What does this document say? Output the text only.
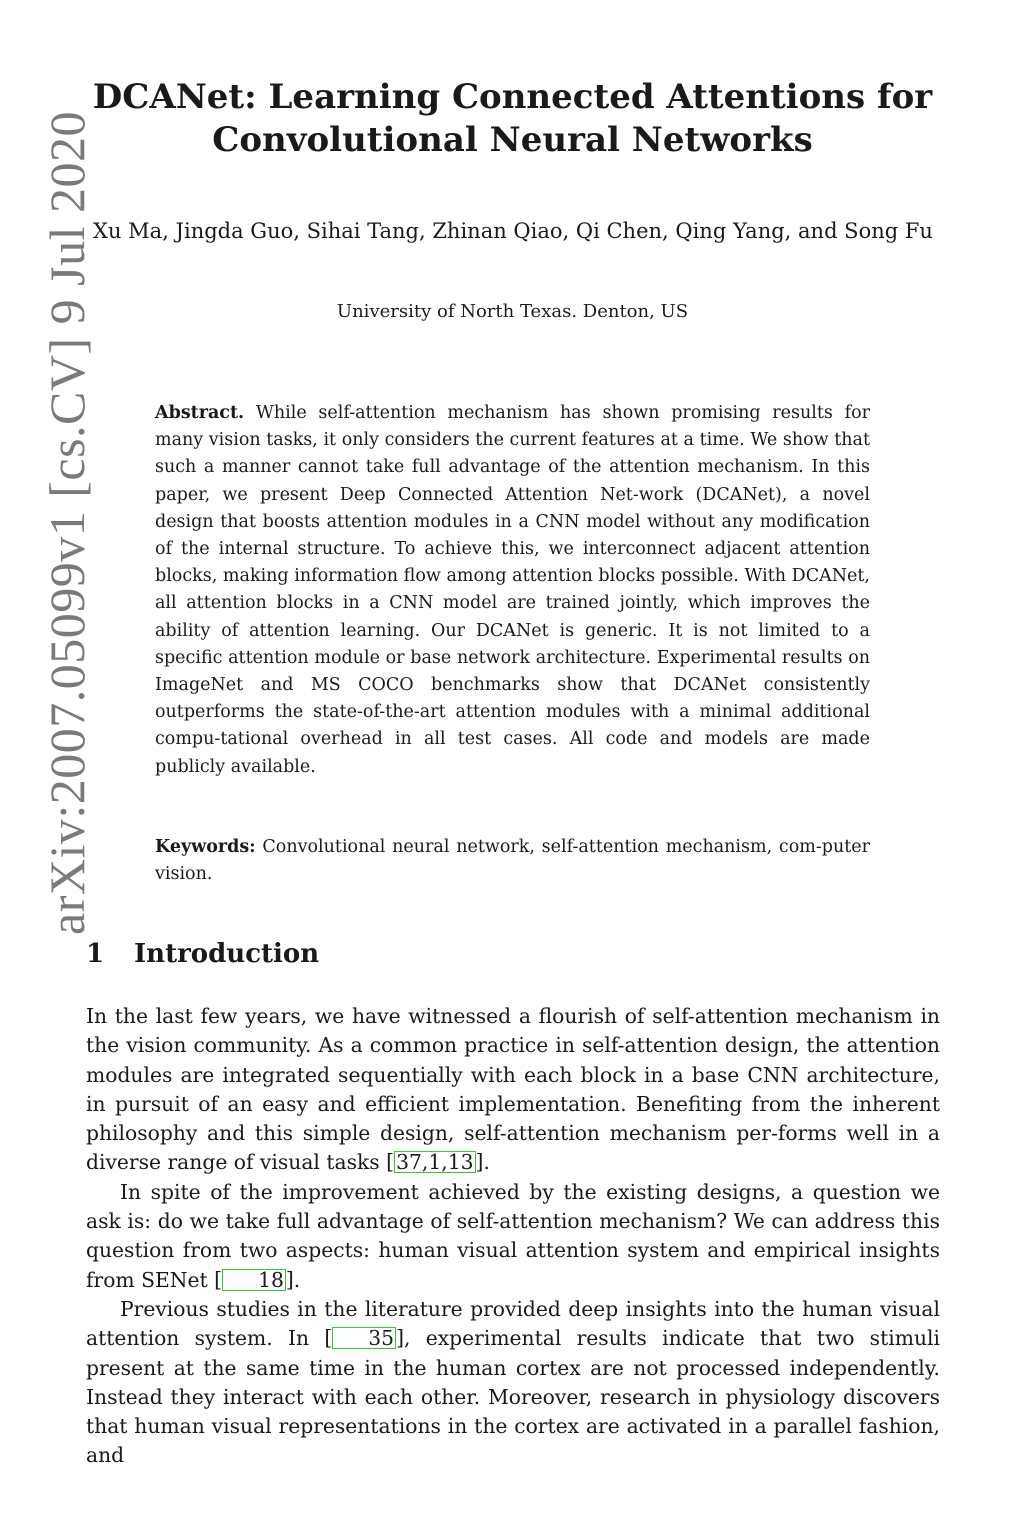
arXiv:2007.05099v1 [cs.CV] 9 Jul 2020
DCANet: Learning Connected Attentions for Convolutional Neural Networks
Xu Ma, Jingda Guo, Sihai Tang, Zhinan Qiao, Qi Chen, Qing Yang, and Song Fu
University of North Texas. Denton, US
Abstract. While self-attention mechanism has shown promising results for many vision tasks, it only considers the current features at a time. We show that such a manner cannot take full advantage of the attention mechanism. In this paper, we present Deep Connected Attention Net-work (DCANet), a novel design that boosts attention modules in a CNN model without any modification of the internal structure. To achieve this, we interconnect adjacent attention blocks, making information flow among attention blocks possible. With DCANet, all attention blocks in a CNN model are trained jointly, which improves the ability of attention learning. Our DCANet is generic. It is not limited to a specific attention module or base network architecture. Experimental results on ImageNet and MS COCO benchmarks show that DCANet consistently outperforms the state-of-the-art attention modules with a minimal additional compu-tational overhead in all test cases. All code and models are made publicly available.
Keywords: Convolutional neural network, self-attention mechanism, com-puter vision.
1 Introduction

In the last few years, we have witnessed a flourish of self-attention mechanism in the vision community. As a common practice in self-attention design, the attention modules are integrated sequentially with each block in a base CNN architecture, in pursuit of an easy and efficient implementation. Benefiting from the inherent philosophy and this simple design, self-attention mechanism per-forms well in a diverse range of visual tasks [37,1,13].

In spite of the improvement achieved by the existing designs, a question we ask is: do we take full advantage of self-attention mechanism? We can address this question from two aspects: human visual attention system and empirical insights from SENet [ 18].

Previous studies in the literature provided deep insights into the human visual attention system. In [ 35], experimental results indicate that two stimuli present at the same time in the human cortex are not processed independently. Instead they interact with each other. Moreover, research in physiology discovers that human visual representations in the cortex are activated in a parallel fashion, and
